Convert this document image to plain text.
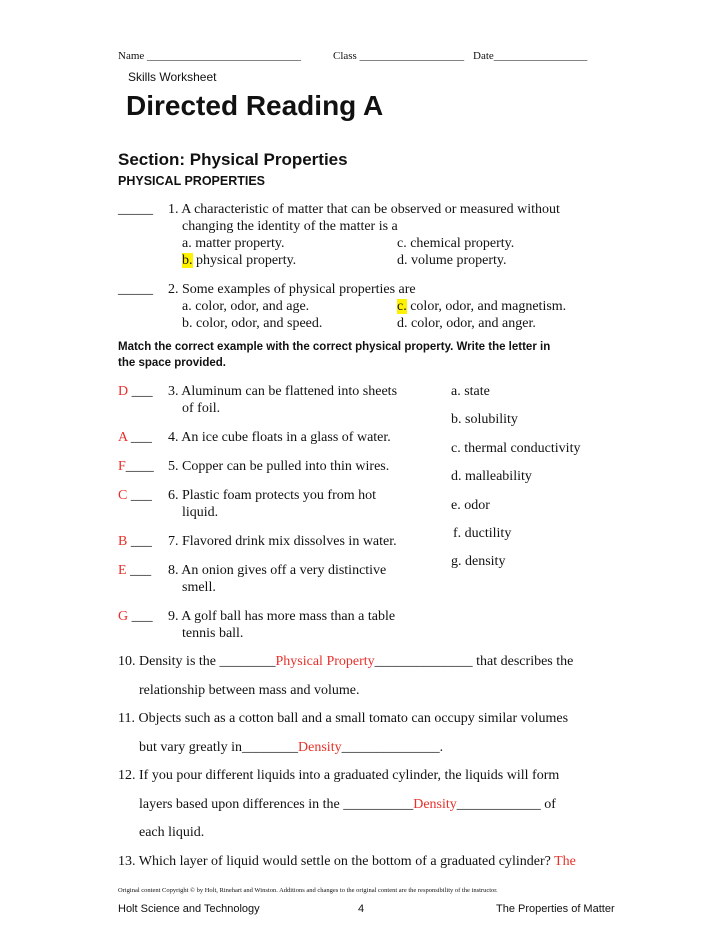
Name ____________________________	Class ___________________ Date_________________
Skills Worksheet
Directed Reading A
Section: Physical Properties
PHYSICAL PROPERTIES
_____ 1. A characteristic of matter that can be observed or measured without
changing the identity of the matter is a
a. matter property.	c. chemical property.
b. physical property.	d. volume property.
_____ 2. Some examples of physical properties are
a. color, odor, and age.	c. color, odor, and magnetism.
b. color, odor, and speed.	d. color, odor, and anger.
Match the correct example with the correct physical property. Write the letter in
the space provided.
D ___ 3. Aluminum can be flattened into sheets
of foil.
A ___ 4. An ice cube floats in a glass of water.
F____ 5. Copper can be pulled into thin wires.
C ___ 6. Plastic foam protects you from hot
liquid.
B ___ 7. Flavored drink mix dissolves in water.
E ___ 8. An onion gives off a very distinctive
smell.
G ___ 9. A golf ball has more mass than a table
tennis ball.
a. state
b. solubility
c. thermal conductivity
d. malleability
e. odor
f. ductility
g. density
10. Density is the ________Physical Property______________ that describes the
relationship between mass and volume.
11. Objects such as a cotton ball and a small tomato can occupy similar volumes
but vary greatly in________Density______________.
12. If you pour different liquids into a graduated cylinder, the liquids will form
layers based upon differences in the __________Density____________ of
each liquid.
13. Which layer of liquid would settle on the bottom of a graduated cylinder? The
Original content Copyright © by Holt, Rinehart and Winston. Additions and changes to the original content are the responsibility of the instructor.
Holt Science and Technology	4	The Properties of Matter
